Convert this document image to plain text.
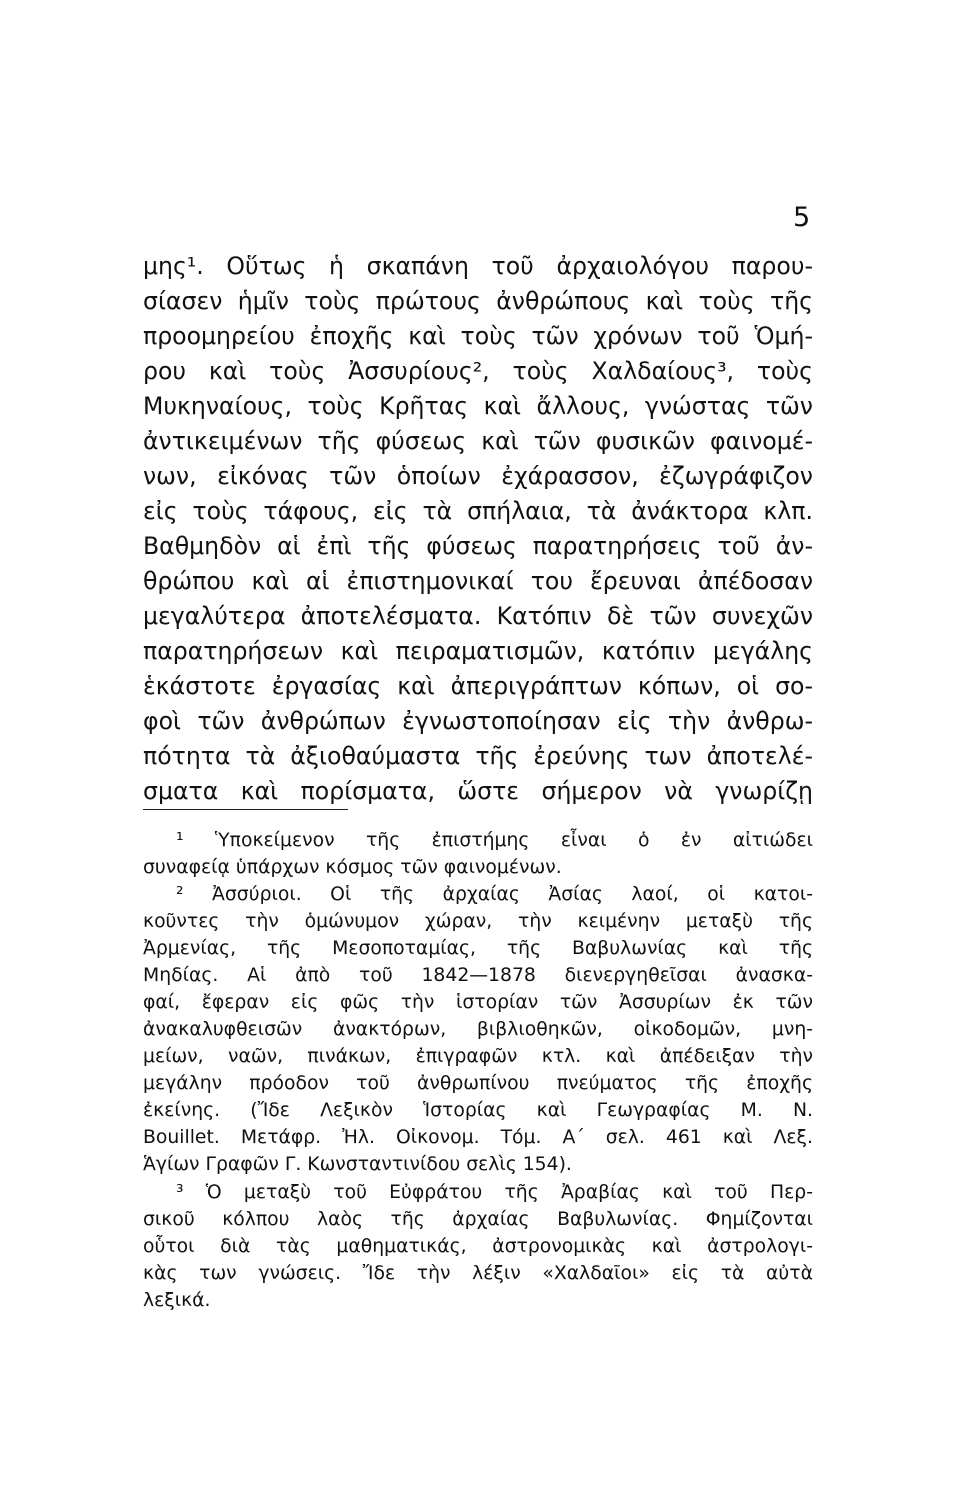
5
μης¹. Οὕτως ἡ σκαπάνη τοῦ ἀρχαιολόγου παρου-
σίασεν ἡμῖν τοὺς πρώτους ἀνθρώπους καὶ τοὺς τῆς
προομηρείου ἐποχῆς καὶ τοὺς τῶν χρόνων τοῦ Ὁμή-
ρου καὶ τοὺς Ἀσσυρίους², τοὺς Χαλδαίους³, τοὺς
Μυκηναίους, τοὺς Κρῆτας καὶ ἄλλους, γνώστας τῶν
ἀντικειμένων τῆς φύσεως καὶ τῶν φυσικῶν φαινομέ-
νων, εἰκόνας τῶν ὁποίων ἐχάρασσον, ἐζωγράφιζον
εἰς τοὺς τάφους, εἰς τὰ σπήλαια, τὰ ἀνάκτορα κλπ.
Βαθμηδὸν αἱ ἐπὶ τῆς φύσεως παρατηρήσεις τοῦ ἀν-
θρώπου καὶ αἱ ἐπιστημονικαί του ἔρευναι ἀπέδοσαν
μεγαλύτερα ἀποτελέσματα. Κατόπιν δὲ τῶν συνεχῶν
παρατηρήσεων καὶ πειραματισμῶν, κατόπιν μεγάλης
ἑκάστοτε ἐργασίας καὶ ἀπεριγράπτων κόπων, οἱ σο-
φοὶ τῶν ἀνθρώπων ἐγνωστοποίησαν εἰς τὴν ἀνθρω-
πότητα τὰ ἀξιοθαύμαστα τῆς ἐρεύνης των ἀποτελέ-
σματα καὶ πορίσματα, ὥστε σήμερον νὰ γνωρίζῃ
¹ Ὑποκείμενον τῆς ἐπιστήμης εἶναι ὁ ἐν αἰτιώδει
συναφείᾳ ὑπάρχων κόσμος τῶν φαινομένων.
² Ἀσσύριοι. Οἱ τῆς ἀρχαίας Ἀσίας λαοί, οἱ κατοι-
κοῦντες τὴν ὁμώνυμον χώραν, τὴν κειμένην μεταξὺ τῆς
Ἀρμενίας, τῆς Μεσοποταμίας, τῆς Βαβυλωνίας καὶ τῆς
Μηδίας. Αἱ ἀπὸ τοῦ 1842—1878 διενεργηθεῖσαι ἀνασκα-
φαί, ἔφεραν εἰς φῶς τὴν ἱστορίαν τῶν Ἀσσυρίων ἐκ τῶν
ἀνακαλυφθεισῶν ἀνακτόρων, βιβλιοθηκῶν, οἰκοδομῶν, μνη-
μείων, ναῶν, πινάκων, ἐπιγραφῶν κτλ. καὶ ἀπέδειξαν τὴν
μεγάλην πρόοδον τοῦ ἀνθρωπίνου πνεύματος τῆς ἐποχῆς
ἐκείνης. (Ἴδε Λεξικὸν Ἱστορίας καὶ Γεωγραφίας M. N.
Bouillet. Μετάφρ. Ἠλ. Οἰκονομ. Τόμ. Α΄ σελ. 461 καὶ Λεξ.
Ἁγίων Γραφῶν Γ. Κωνσταντινίδου σελὶς 154).
³ Ὁ μεταξὺ τοῦ Εὐφράτου τῆς Ἀραβίας καὶ τοῦ Περ-
σικοῦ κόλπου λαὸς τῆς ἀρχαίας Βαβυλωνίας. Φημίζονται
οὗτοι διὰ τὰς μαθηματικάς, ἀστρονομικὰς καὶ ἀστρολογι-
κὰς των γνώσεις. Ἴδε τὴν λέξιν «Χαλδαῖοι» εἰς τὰ αὐτὰ
λεξικά.
